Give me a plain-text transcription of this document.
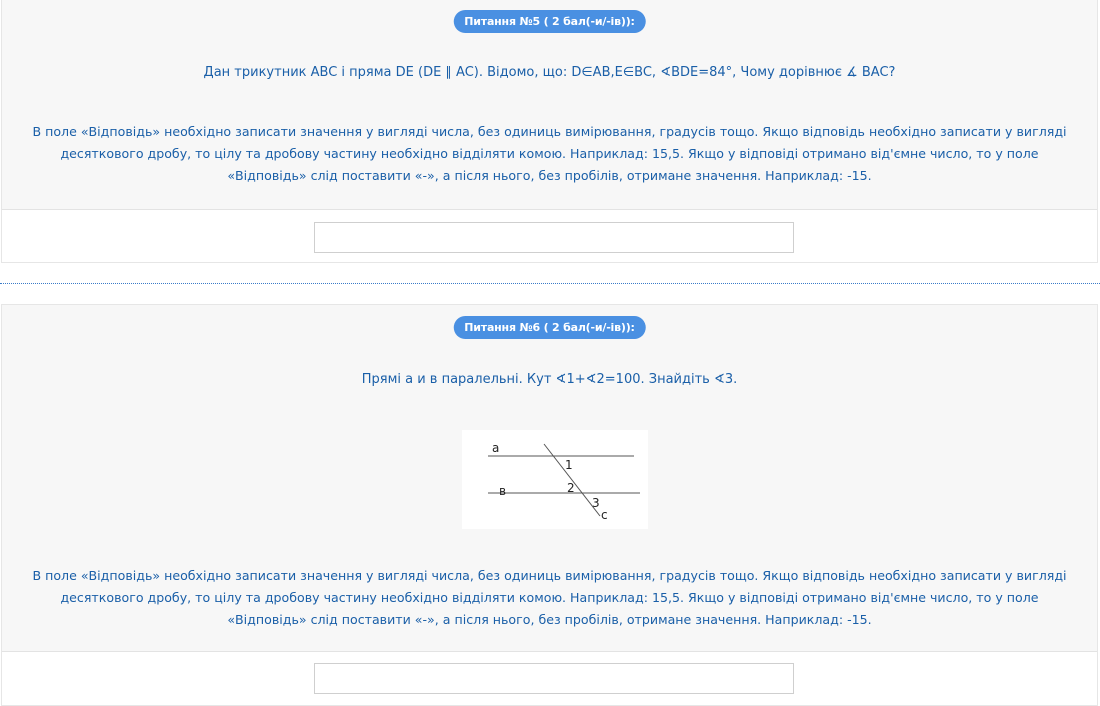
Питання №5 ( 2 бал(-и/-ів)):
Дан трикутник ABC і пряма DE (DE ∥ AC). Відомо, що: D∈AB,E∈BC, ∢BDE=84°, Чому дорівнює ∡ BAC?
В поле «Відповідь» необхідно записати значення у вигляді числа, без одиниць вимірювання, градусів тощо. Якщо відповідь необхідно записати у вигляді десяткового дробу, то цілу та дробову частину необхідно відділяти комою. Наприклад: 15,5. Якщо у відповіді отримано від'ємне число, то у поле «Відповідь» слід поставити «-», а після нього, без пробілів, отримане значення. Наприклад: -15.
Питання №6 ( 2 бал(-и/-ів)):
Прямі а и в паралельні. Кут ∢1+∢2=100. Знайдіть ∢3.
а
в
с
1
2
3
В поле «Відповідь» необхідно записати значення у вигляді числа, без одиниць вимірювання, градусів тощо. Якщо відповідь необхідно записати у вигляді десяткового дробу, то цілу та дробову частину необхідно відділяти комою. Наприклад: 15,5. Якщо у відповіді отримано від'ємне число, то у поле «Відповідь» слід поставити «-», а після нього, без пробілів, отримане значення. Наприклад: -15.
